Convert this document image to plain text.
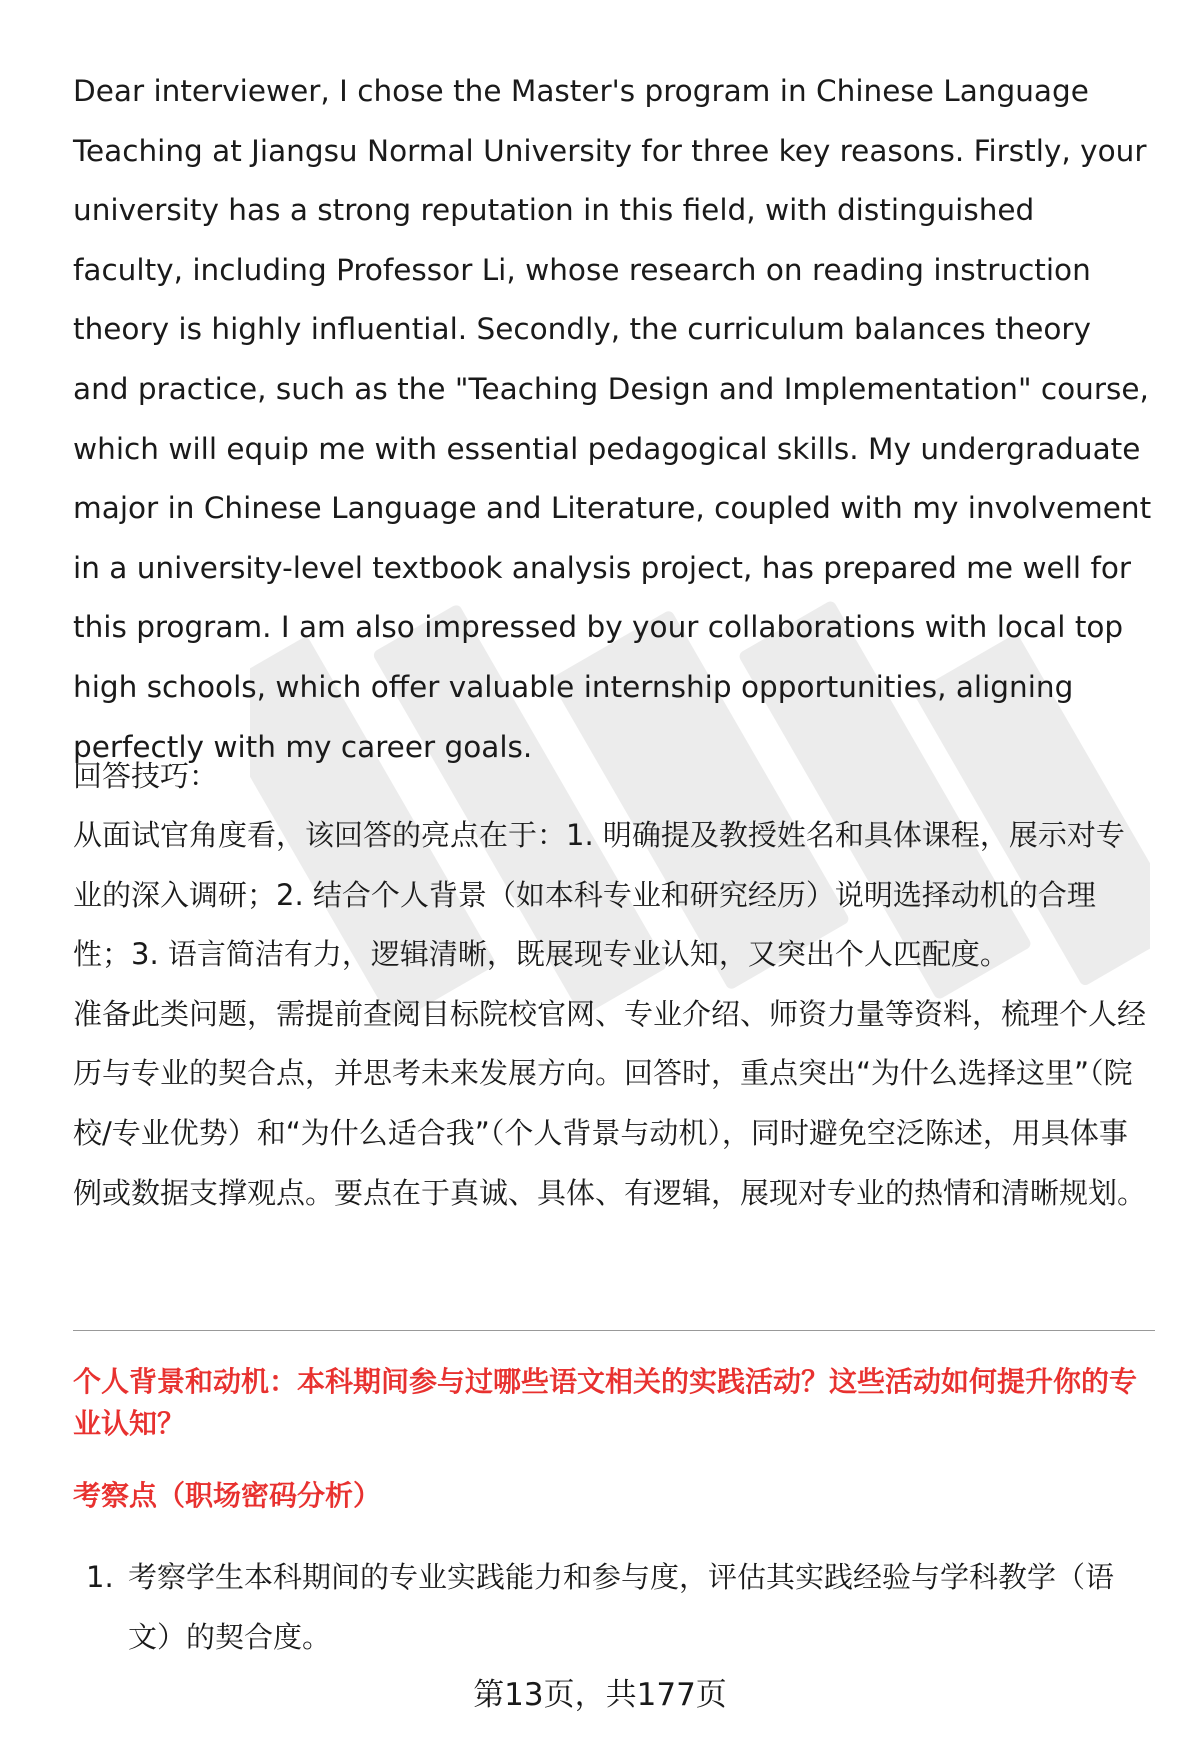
Dear interviewer, I chose the Master's program in Chinese Language Teaching at Jiangsu Normal University for three key reasons. Firstly, your university has a strong reputation in this field, with distinguished faculty, including Professor Li, whose research on reading instruction theory is highly influential. Secondly, the curriculum balances theory and practice, such as the "Teaching Design and Implementation" course, which will equip me with essential pedagogical skills. My undergraduate major in Chinese Language and Literature, coupled with my involvement in a university-level textbook analysis project, has prepared me well for this program. I am also impressed by your collaborations with local top high schools, which offer valuable internship opportunities, aligning perfectly with my career goals.

回答技巧：

从面试官角度看，该回答的亮点在于：1. 明确提及教授姓名和具体课程，展示对专业的深入调研；2. 结合个人背景（如本科专业和研究经历）说明选择动机的合理性；3. 语言简洁有力，逻辑清晰，既展现专业认知，又突出个人匹配度。

准备此类问题，需提前查阅目标院校官网、专业介绍、师资力量等资料，梳理个人经历与专业的契合点，并思考未来发展方向。回答时，重点突出“为什么选择这里”（院校/专业优势）和“为什么适合我”（个人背景与动机），同时避免空泛陈述，用具体事例或数据支撑观点。要点在于真诚、具体、有逻辑，展现对专业的热情和清晰规划。

个人背景和动机：本科期间参与过哪些语文相关的实践活动？这些活动如何提升你的专业认知？

考察点（职场密码分析）

1. 考察学生本科期间的专业实践能力和参与度，评估其实践经验与学科教学（语文）的契合度。
第13页，共177页
